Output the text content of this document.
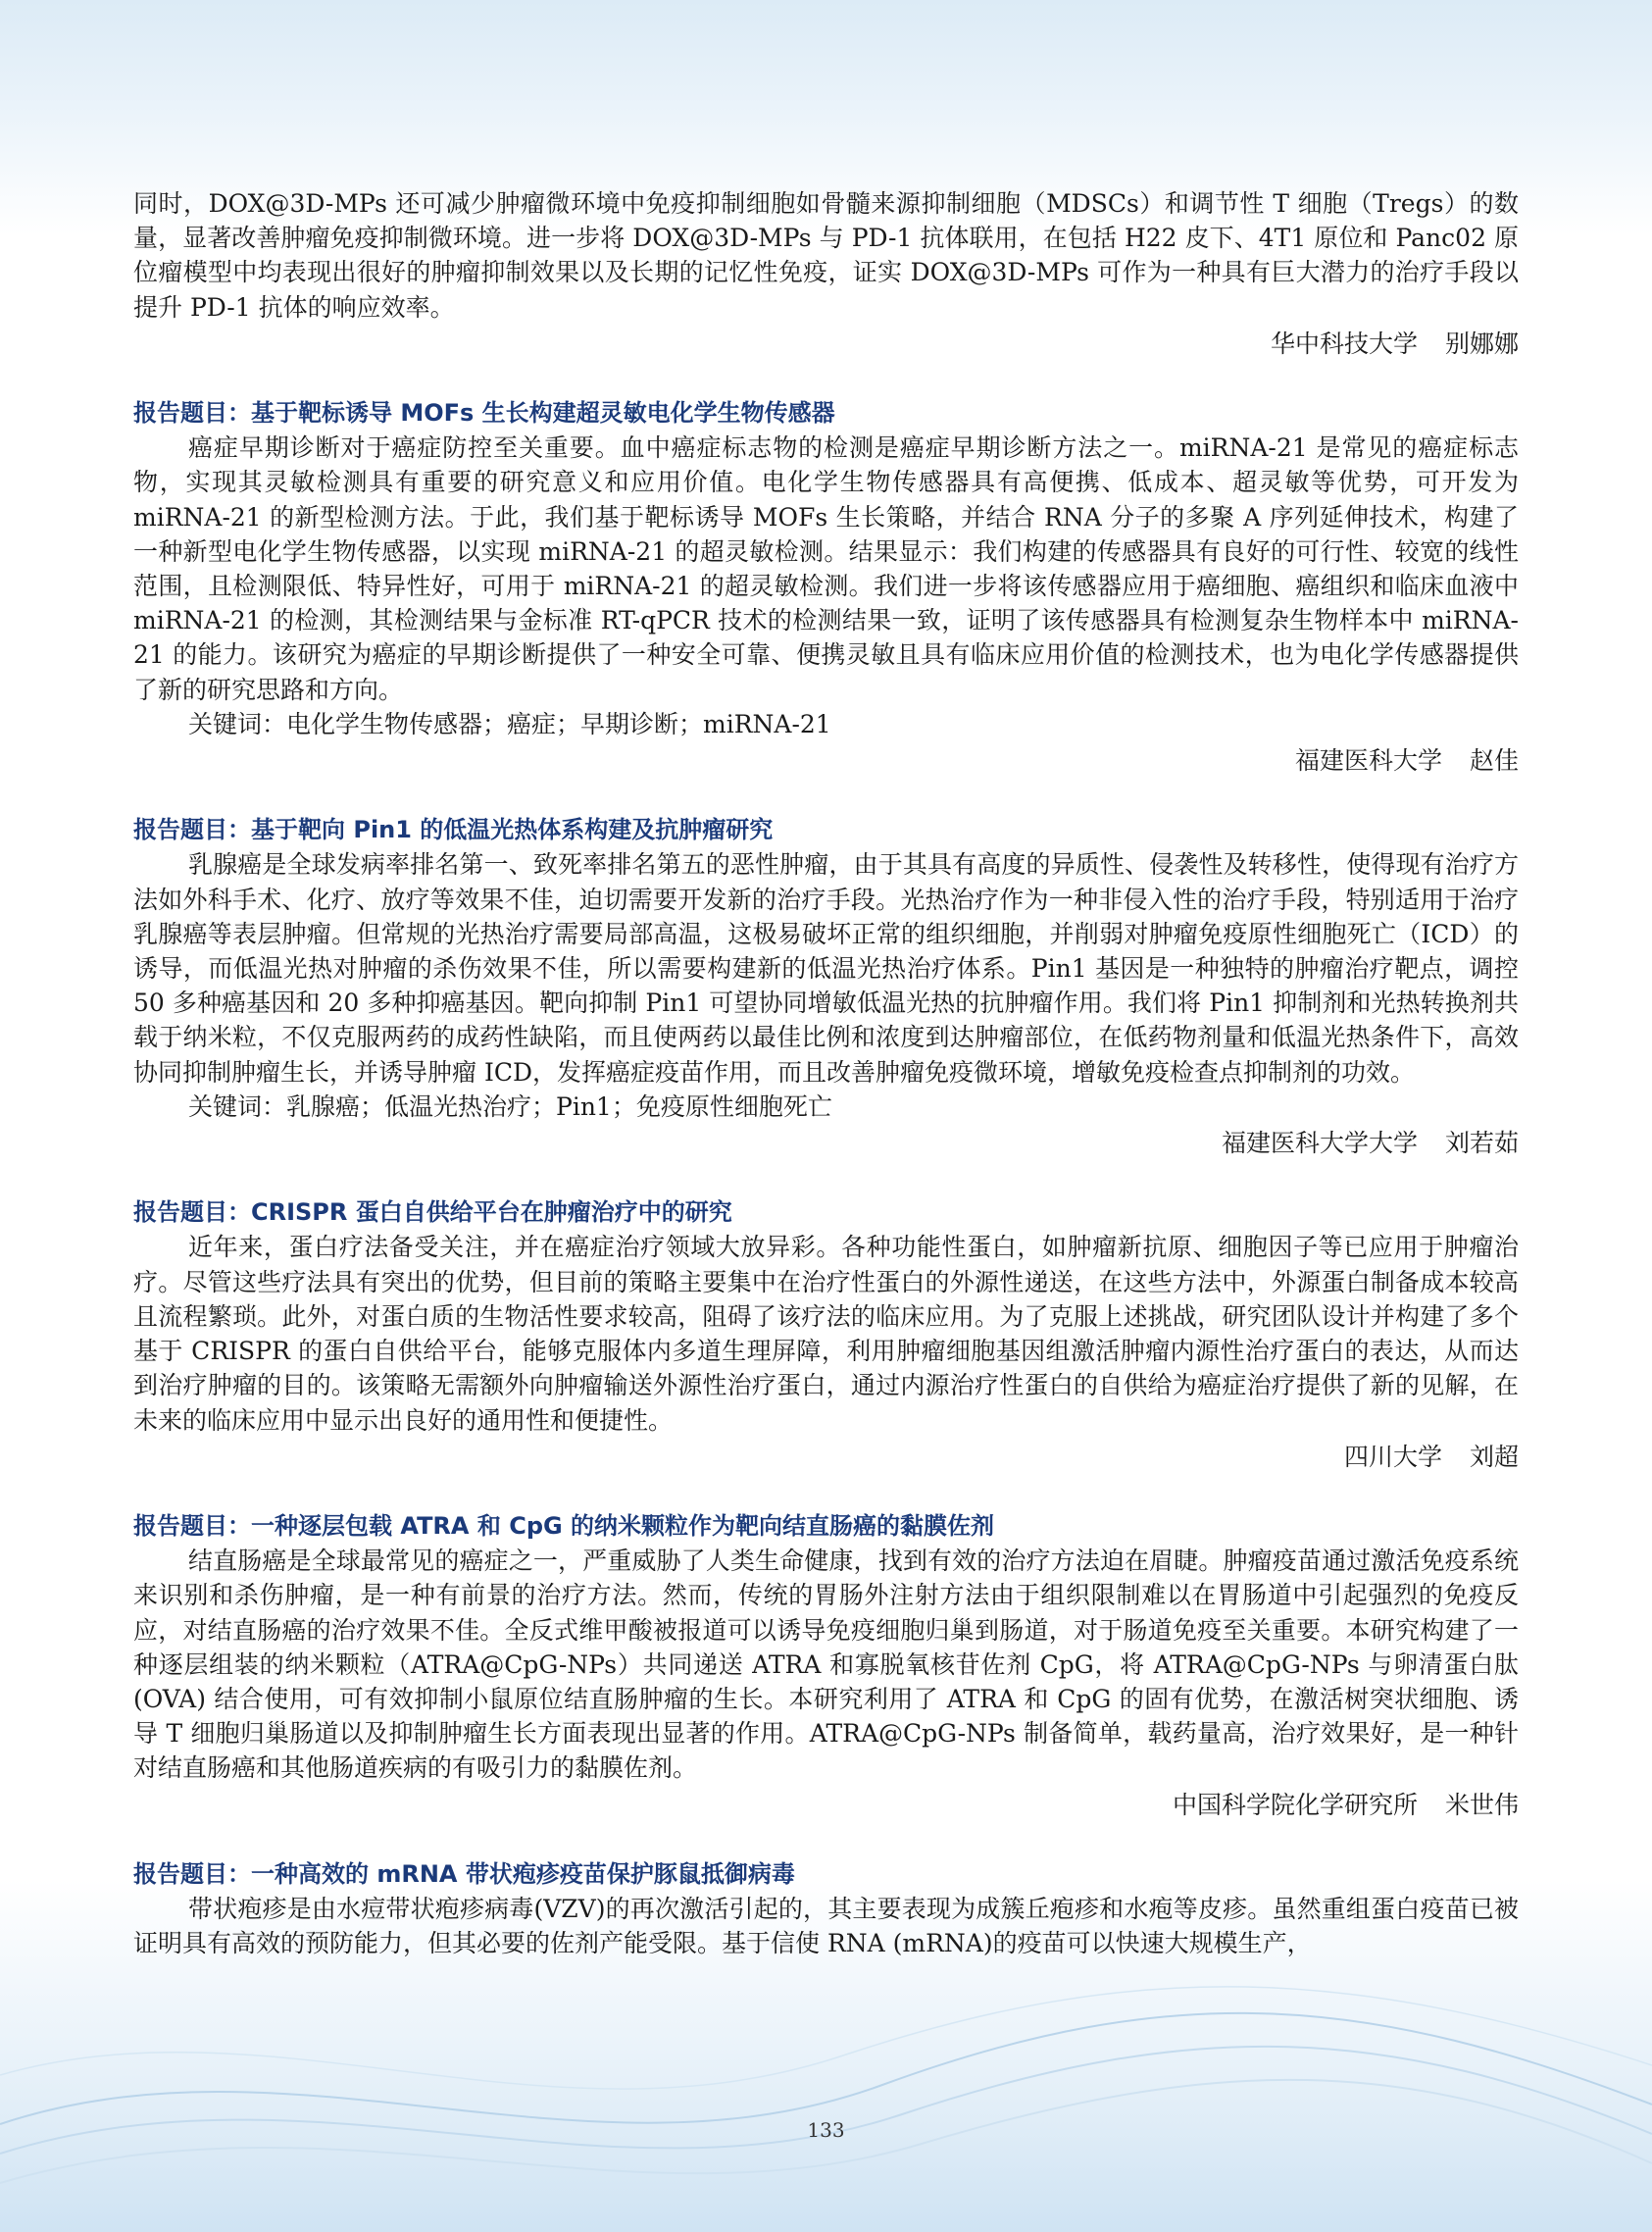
同时，DOX@3D-MPs 还可减少肿瘤微环境中免疫抑制细胞如骨髓来源抑制细胞（MDSCs）和调节性 T 细胞（Tregs）的数量，显著改善肿瘤免疫抑制微环境。进一步将 DOX@3D-MPs 与 PD-1 抗体联用，在包括 H22 皮下、4T1 原位和 Panc02 原位瘤模型中均表现出很好的肿瘤抑制效果以及长期的记忆性免疫，证实 DOX@3D-MPs 可作为一种具有巨大潜力的治疗手段以提升 PD-1 抗体的响应效率。

华中科技大学 别娜娜

报告题目：基于靶标诱导 MOFs 生长构建超灵敏电化学生物传感器

癌症早期诊断对于癌症防控至关重要。血中癌症标志物的检测是癌症早期诊断方法之一。miRNA-21 是常见的癌症标志物，实现其灵敏检测具有重要的研究意义和应用价值。电化学生物传感器具有高便携、低成本、超灵敏等优势，可开发为 miRNA-21 的新型检测方法。于此，我们基于靶标诱导 MOFs 生长策略，并结合 RNA 分子的多聚 A 序列延伸技术，构建了一种新型电化学生物传感器，以实现 miRNA-21 的超灵敏检测。结果显示：我们构建的传感器具有良好的可行性、较宽的线性范围，且检测限低、特异性好，可用于 miRNA-21 的超灵敏检测。我们进一步将该传感器应用于癌细胞、癌组织和临床血液中 miRNA-21 的检测，其检测结果与金标准 RT-qPCR 技术的检测结果一致，证明了该传感器具有检测复杂生物样本中 miRNA-21 的能力。该研究为癌症的早期诊断提供了一种安全可靠、便携灵敏且具有临床应用价值的检测技术，也为电化学传感器提供了新的研究思路和方向。

关键词：电化学生物传感器；癌症；早期诊断；miRNA-21

福建医科大学 赵佳

报告题目：基于靶向 Pin1 的低温光热体系构建及抗肿瘤研究

乳腺癌是全球发病率排名第一、致死率排名第五的恶性肿瘤，由于其具有高度的异质性、侵袭性及转移性，使得现有治疗方法如外科手术、化疗、放疗等效果不佳，迫切需要开发新的治疗手段。光热治疗作为一种非侵入性的治疗手段，特别适用于治疗乳腺癌等表层肿瘤。但常规的光热治疗需要局部高温，这极易破坏正常的组织细胞，并削弱对肿瘤免疫原性细胞死亡（ICD）的诱导，而低温光热对肿瘤的杀伤效果不佳，所以需要构建新的低温光热治疗体系。Pin1 基因是一种独特的肿瘤治疗靶点，调控 50 多种癌基因和 20 多种抑癌基因。靶向抑制 Pin1 可望协同增敏低温光热的抗肿瘤作用。我们将 Pin1 抑制剂和光热转换剂共载于纳米粒，不仅克服两药的成药性缺陷，而且使两药以最佳比例和浓度到达肿瘤部位，在低药物剂量和低温光热条件下，高效协同抑制肿瘤生长，并诱导肿瘤 ICD，发挥癌症疫苗作用，而且改善肿瘤免疫微环境，增敏免疫检查点抑制剂的功效。

关键词：乳腺癌；低温光热治疗；Pin1；免疫原性细胞死亡

福建医科大学大学 刘若茹

报告题目：CRISPR 蛋白自供给平台在肿瘤治疗中的研究

近年来，蛋白疗法备受关注，并在癌症治疗领域大放异彩。各种功能性蛋白，如肿瘤新抗原、细胞因子等已应用于肿瘤治疗。尽管这些疗法具有突出的优势，但目前的策略主要集中在治疗性蛋白的外源性递送，在这些方法中，外源蛋白制备成本较高且流程繁琐。此外，对蛋白质的生物活性要求较高，阻碍了该疗法的临床应用。为了克服上述挑战，研究团队设计并构建了多个基于 CRISPR 的蛋白自供给平台，能够克服体内多道生理屏障，利用肿瘤细胞基因组激活肿瘤内源性治疗蛋白的表达，从而达到治疗肿瘤的目的。该策略无需额外向肿瘤输送外源性治疗蛋白，通过内源治疗性蛋白的自供给为癌症治疗提供了新的见解，在未来的临床应用中显示出良好的通用性和便捷性。

四川大学 刘超

报告题目：一种逐层包载 ATRA 和 CpG 的纳米颗粒作为靶向结直肠癌的黏膜佐剂

结直肠癌是全球最常见的癌症之一，严重威胁了人类生命健康，找到有效的治疗方法迫在眉睫。肿瘤疫苗通过激活免疫系统来识别和杀伤肿瘤，是一种有前景的治疗方法。然而，传统的胃肠外注射方法由于组织限制难以在胃肠道中引起强烈的免疫反应，对结直肠癌的治疗效果不佳。全反式维甲酸被报道可以诱导免疫细胞归巢到肠道，对于肠道免疫至关重要。本研究构建了一种逐层组装的纳米颗粒（ATRA@CpG-NPs）共同递送 ATRA 和寡脱氧核苷佐剂 CpG，将 ATRA@CpG-NPs 与卵清蛋白肽 (OVA) 结合使用，可有效抑制小鼠原位结直肠肿瘤的生长。本研究利用了 ATRA 和 CpG 的固有优势，在激活树突状细胞、诱导 T 细胞归巢肠道以及抑制肿瘤生长方面表现出显著的作用。ATRA@CpG-NPs 制备简单，载药量高，治疗效果好，是一种针对结直肠癌和其他肠道疾病的有吸引力的黏膜佐剂。

中国科学院化学研究所 米世伟

报告题目：一种高效的 mRNA 带状疱疹疫苗保护豚鼠抵御病毒

带状疱疹是由水痘带状疱疹病毒(VZV)的再次激活引起的，其主要表现为成簇丘疱疹和水疱等皮疹。虽然重组蛋白疫苗已被证明具有高效的预防能力，但其必要的佐剂产能受限。基于信使 RNA (mRNA)的疫苗可以快速大规模生产，

133
